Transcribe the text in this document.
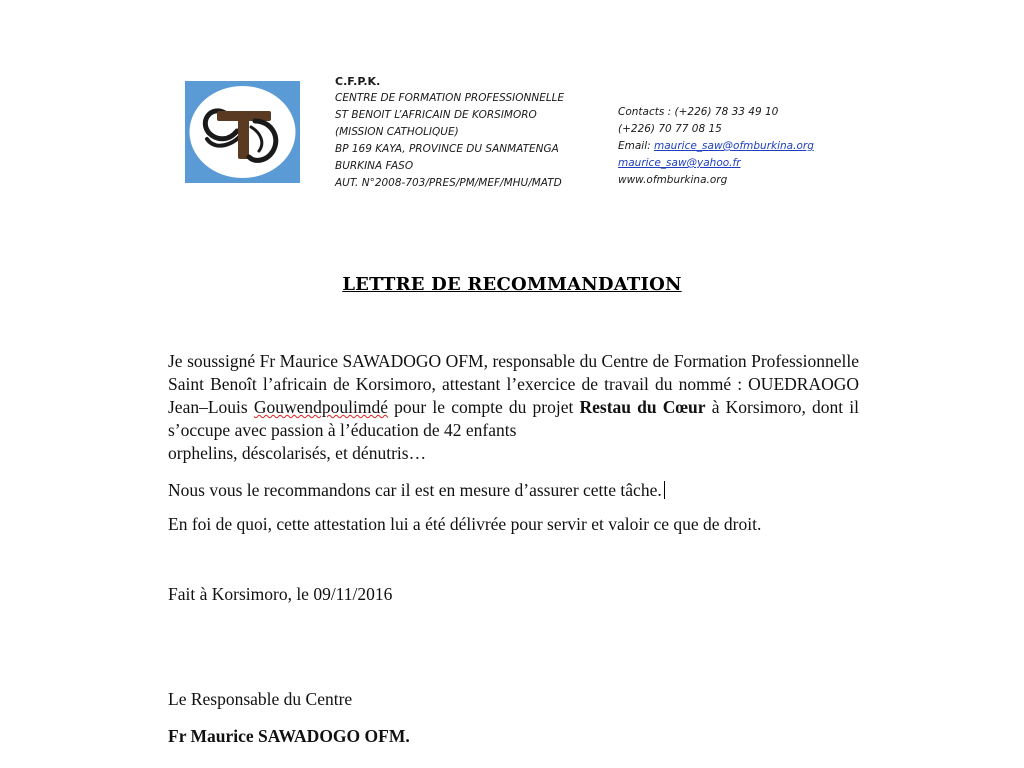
C.F.P.K.
CENTRE DE FORMATION PROFESSIONNELLE
ST BENOIT L’AFRICAIN DE KORSIMORO
(MISSION CATHOLIQUE)
BP 169 KAYA, PROVINCE DU SANMATENGA
BURKINA FASO
AUT. N°2008-703/PRES/PM/MEF/MHU/MATD
Contacts : (+226) 78 33 49 10
(+226) 70 77 08 15
Email: maurice_saw@ofmburkina.org
maurice_saw@yahoo.fr
www.ofmburkina.org
LETTRE DE RECOMMANDATION
Je soussigné Fr Maurice SAWADOGO OFM, responsable du Centre de Formation Professionnelle Saint Benoît l’africain de Korsimoro, attestant l’exercice de travail du nommé : OUEDRAOGO Jean–Louis Gouwendpoulimdé pour le compte du projet Restau du Cœur à Korsimoro, dont il s’occupe avec passion à l’éducation de 42 enfants
orphelins, déscolarisés, et dénutris…
Nous vous le recommandons car il est en mesure d’assurer cette tâche.
En foi de quoi, cette attestation lui a été délivrée pour servir et valoir ce que de droit.
Fait à Korsimoro, le 09/11/2016
Le Responsable du Centre
Fr Maurice SAWADOGO OFM.
